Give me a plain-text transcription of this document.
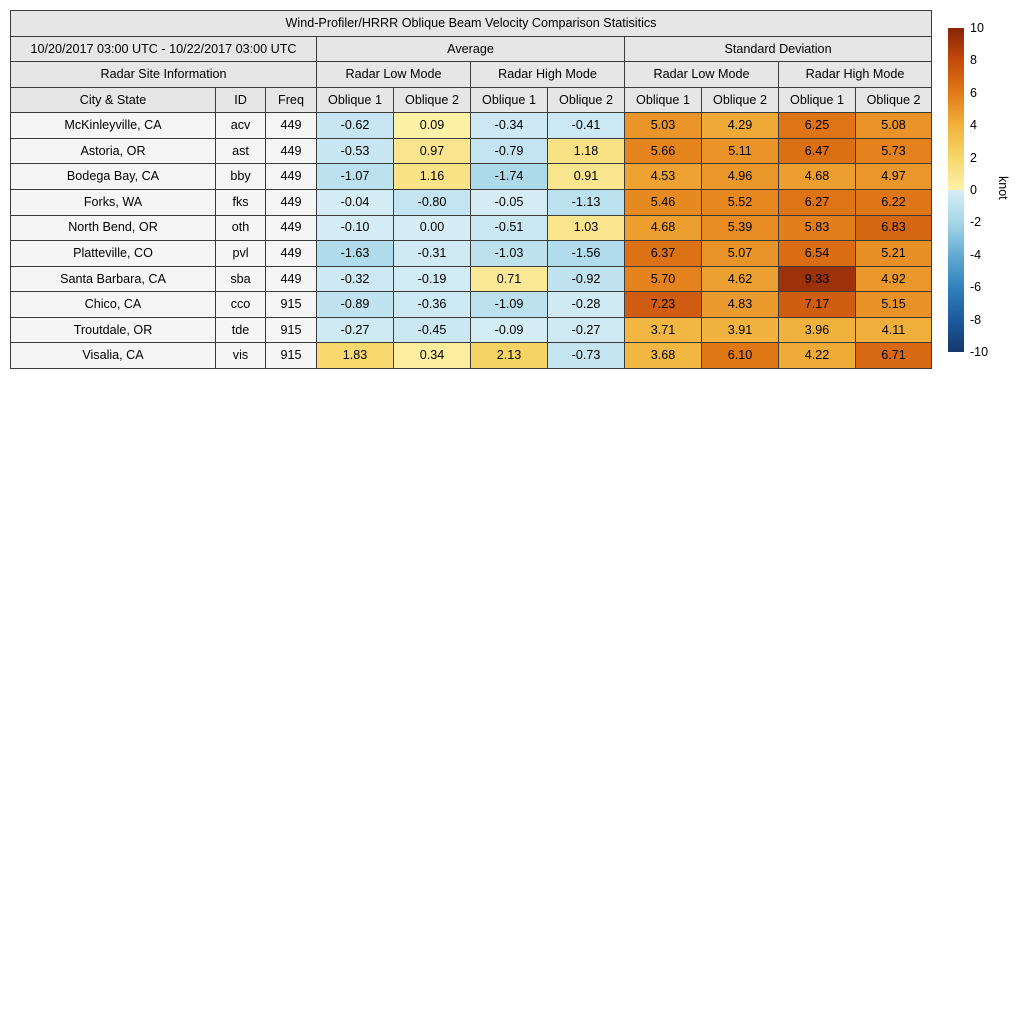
Wind-Profiler/HRRR Oblique Beam Velocity Comparison Statisitics										
10/20/2017 03:00 UTC - 10/22/2017 03:00 UTC			Average				Standard Deviation			
Radar Site Information			Radar Low Mode		Radar High Mode		Radar Low Mode		Radar High Mode	
City & State	ID	Freq	Oblique 1	Oblique 2	Oblique 1	Oblique 2	Oblique 1	Oblique 2	Oblique 1	Oblique 2
McKinleyville, CA	acv	449	-0.62	0.09	-0.34	-0.41	5.03	4.29	6.25	5.08
Astoria, OR	ast	449	-0.53	0.97	-0.79	1.18	5.66	5.11	6.47	5.73
Bodega Bay, CA	bby	449	-1.07	1.16	-1.74	0.91	4.53	4.96	4.68	4.97
Forks, WA	fks	449	-0.04	-0.80	-0.05	-1.13	5.46	5.52	6.27	6.22
North Bend, OR	oth	449	-0.10	0.00	-0.51	1.03	4.68	5.39	5.83	6.83
Platteville, CO	pvl	449	-1.63	-0.31	-1.03	-1.56	6.37	5.07	6.54	5.21
Santa Barbara, CA	sba	449	-0.32	-0.19	0.71	-0.92	5.70	4.62	9.33	4.92
Chico, CA	cco	915	-0.89	-0.36	-1.09	-0.28	7.23	4.83	7.17	5.15
Troutdale, OR	tde	915	-0.27	-0.45	-0.09	-0.27	3.71	3.91	3.96	4.11
Visalia, CA	vis	915	1.83	0.34	2.13	-0.73	3.68	6.10	4.22	6.71
10
8
6
4
2
0
-2
-4
-6
-8
-10
knot
